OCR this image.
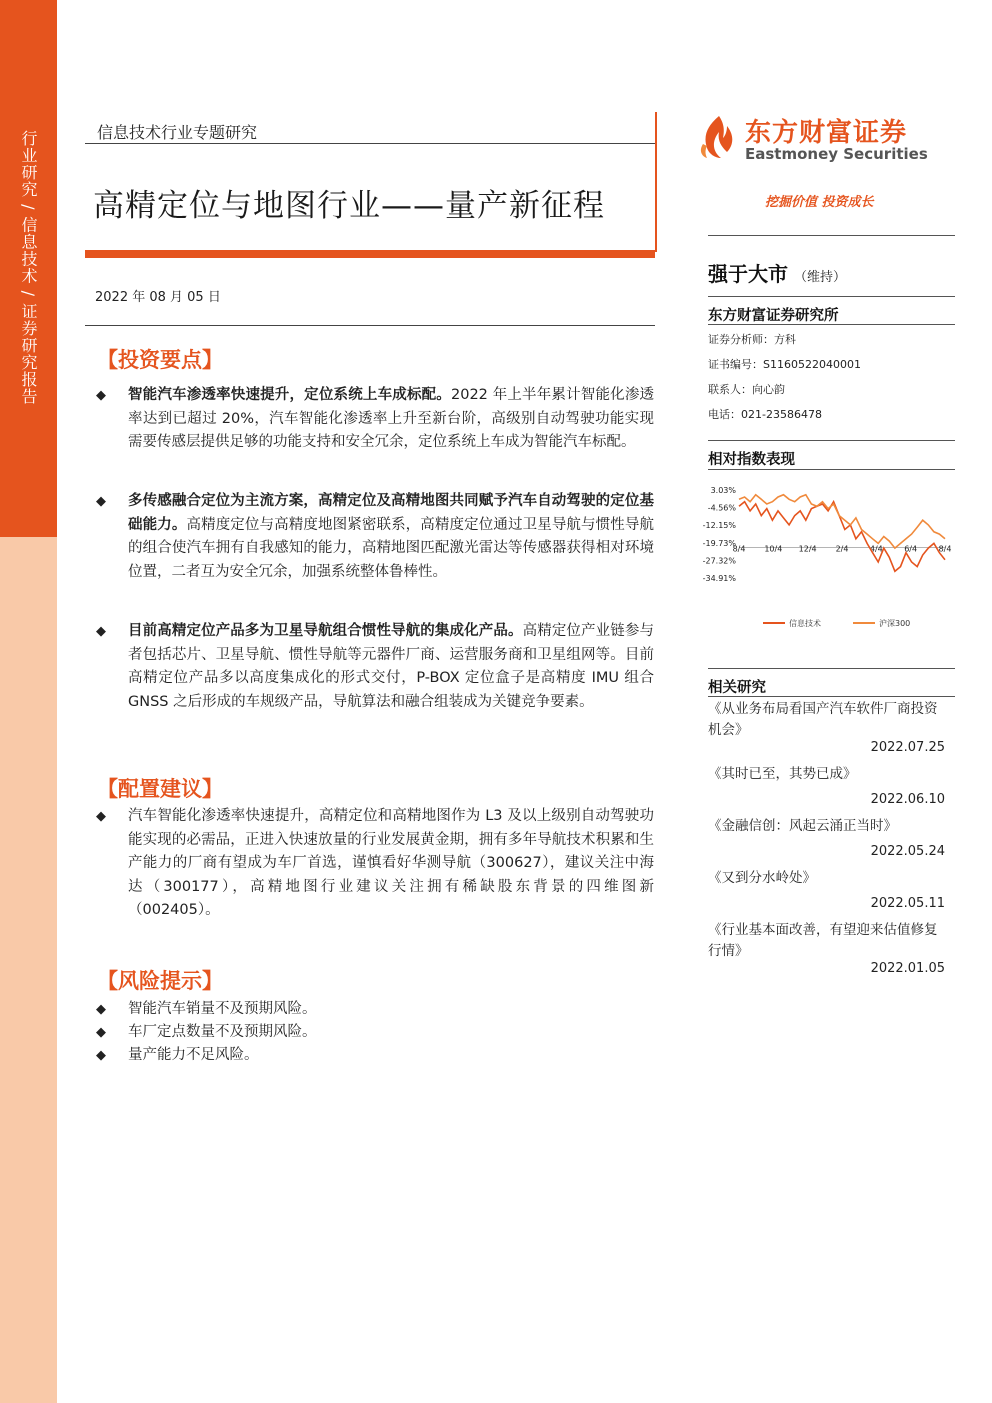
行业研究 / 信息技术 / 证券研究报告	信息技术行业专题研究
高精定位与地图行业——量产新征程
2022 年 08 月 05 日
【投资要点】
◆	智能汽车渗透率快速提升，定位系统上车成标配。2022 年上半年累计智能化渗透率达到已超过 20%，汽车智能化渗透率上升至新台阶，高级别自动驾驶功能实现需要传感层提供足够的功能支持和安全冗余，定位系统上车成为智能汽车标配。
◆	多传感融合定位为主流方案，高精定位及高精地图共同赋予汽车自动驾驶的定位基础能力。高精度定位与高精度地图紧密联系，高精度定位通过卫星导航与惯性导航的组合使汽车拥有自我感知的能力，高精地图匹配激光雷达等传感器获得相对环境位置，二者互为安全冗余，加强系统整体鲁棒性。
◆	目前高精定位产品多为卫星导航组合惯性导航的集成化产品。高精定位产业链参与者包括芯片、卫星导航、惯性导航等元器件厂商、运营服务商和卫星组网等。目前高精定位产品多以高度集成化的形式交付，P-BOX 定位盒子是高精度 IMU 组合 GNSS 之后形成的车规级产品，导航算法和融合组装成为关键竞争要素。
【配置建议】
◆	汽车智能化渗透率快速提升，高精定位和高精地图作为 L3 及以上级别自动驾驶功能实现的必需品，正进入快速放量的行业发展黄金期，拥有多年导航技术积累和生产能力的厂商有望成为车厂首选，谨慎看好华测导航（300627），建议关注中海达（300177），高精地图行业建议关注拥有稀缺股东背景的四维图新（002405）。
【风险提示】
◆ 智能汽车销量不及预期风险。
◆ 车厂定点数量不及预期风险。
◆ 量产能力不足风险。
东方财富证券
Eastmoney Securities
挖掘价值 投资成长
强于大市 （维持）
东方财富证券研究所
证券分析师：方科
证书编号：S1160522040001
联系人：向心韵
电话：021-23586478
相对指数表现
3.03%
-4.56%
-12.15%
-19.73%
-27.32%
-34.91%
8/4 10/4 12/4 2/4	4/4	6/4	8/4
信息技术	沪深300
相关研究
《从业务布局看国产汽车软件厂商投资机会》
2022.07.25
《其时已至，其势已成》
2022.06.10
《金融信创：风起云涌正当时》
2022.05.24
《又到分水岭处》
2022.05.11
《行业基本面改善，有望迎来估值修复行情》
2022.01.05
